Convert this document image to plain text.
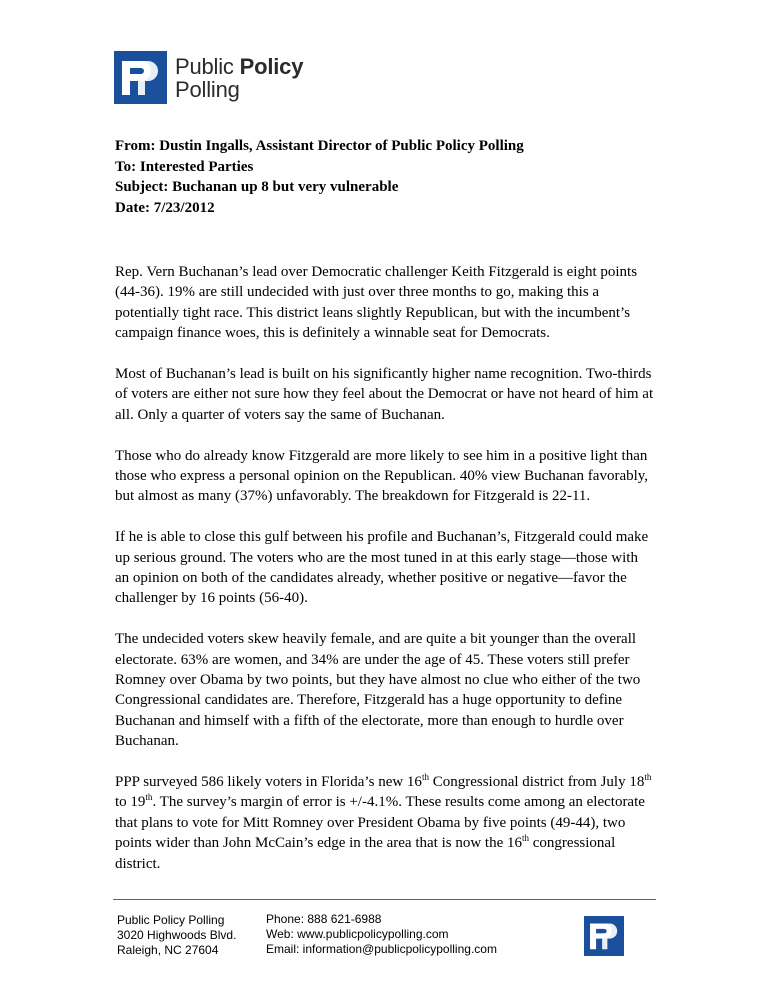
Public Policy
Polling
From: Dustin Ingalls, Assistant Director of Public Policy Polling
To: Interested Parties
Subject: Buchanan up 8 but very vulnerable
Date: 7/23/2012

Rep. Vern Buchanan’s lead over Democratic challenger Keith Fitzgerald is eight points (44-36). 19% are still undecided with just over three months to go, making this a potentially tight race. This district leans slightly Republican, but with the incumbent’s campaign finance woes, this is definitely a winnable seat for Democrats.

Most of Buchanan’s lead is built on his significantly higher name recognition. Two-thirds of voters are either not sure how they feel about the Democrat or have not heard of him at all. Only a quarter of voters say the same of Buchanan.

Those who do already know Fitzgerald are more likely to see him in a positive light than those who express a personal opinion on the Republican. 40% view Buchanan favorably, but almost as many (37%) unfavorably. The breakdown for Fitzgerald is 22-11.

If he is able to close this gulf between his profile and Buchanan’s, Fitzgerald could make up serious ground. The voters who are the most tuned in at this early stage—those with an opinion on both of the candidates already, whether positive or negative—favor the challenger by 16 points (56-40).

The undecided voters skew heavily female, and are quite a bit younger than the overall electorate. 63% are women, and 34% are under the age of 45. These voters still prefer Romney over Obama by two points, but they have almost no clue who either of the two Congressional candidates are. Therefore, Fitzgerald has a huge opportunity to define Buchanan and himself with a fifth of the electorate, more than enough to hurdle over Buchanan.

PPP surveyed 586 likely voters in Florida’s new 16th Congressional district from July 18th to 19th. The survey’s margin of error is +/-4.1%. These results come among an electorate that plans to vote for Mitt Romney over President Obama by five points (49-44), two points wider than John McCain’s edge in the area that is now the 16th congressional district.

Public Policy Polling
3020 Highwoods Blvd.
Raleigh, NC 27604
Phone: 888 621-6988
Web: www.publicpolicypolling.com
Email: information@publicpolicypolling.com
